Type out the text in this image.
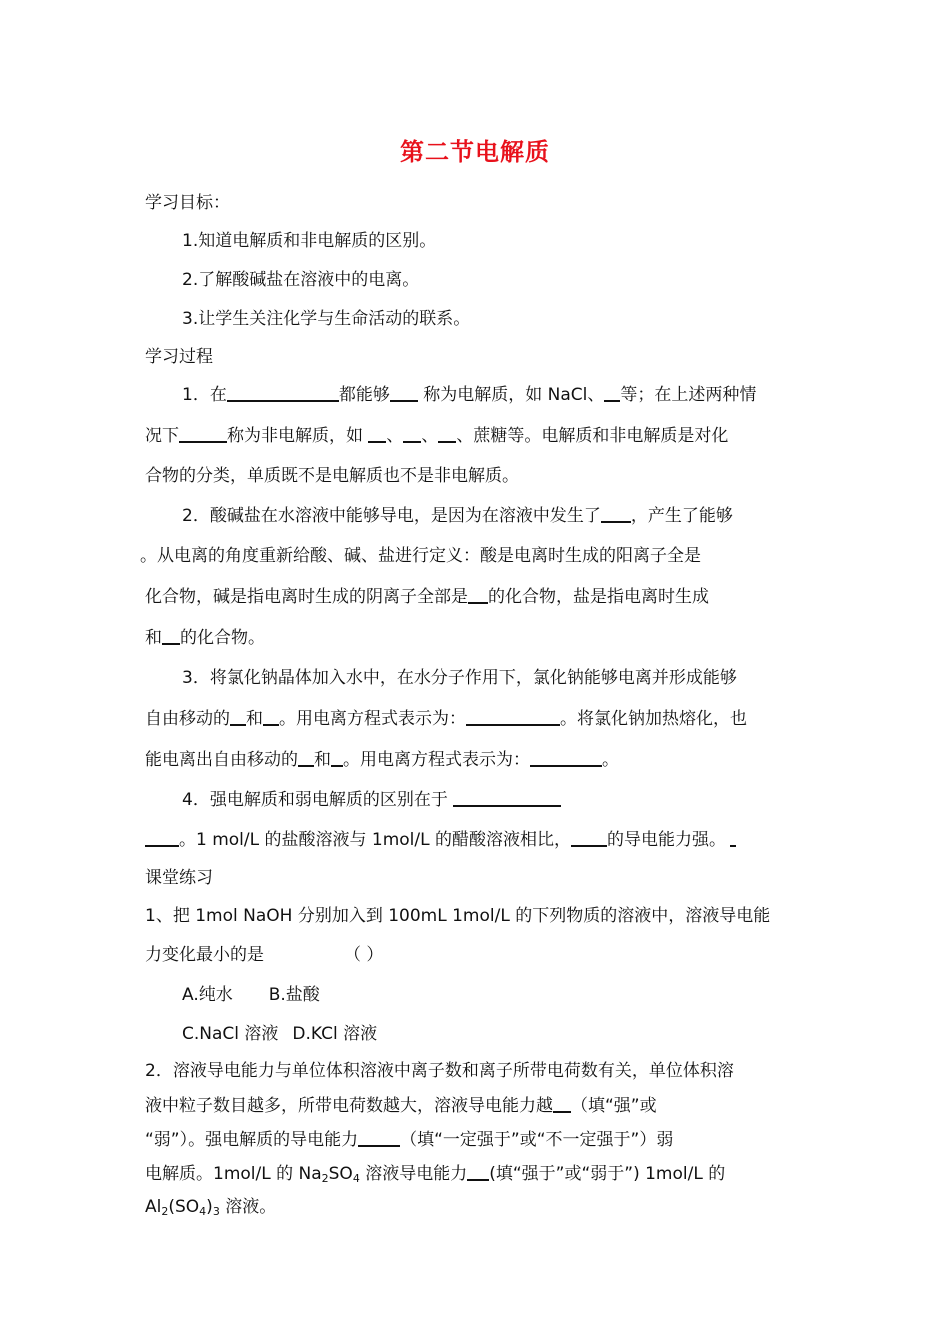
第二节电解质
学习目标：
1.知道电解质和非电解质的区别。
2.了解酸碱盐在溶液中的电离。
3.让学生关注化学与生命活动的联系。
学习过程
1．在	都能够 称为电解质，如 NaCl、 等；在上述两种情
况下	称为非电解质，如 、 、 、蔗糖等。电解质和非电解质是对化
合物的分类，单质既不是电解质也不是非电解质。
2．酸碱盐在水溶液中能够导电，是因为在溶液中发生了 ，产生了能够
。从电离的角度重新给酸、碱、盐进行定义：酸是电离时生成的阳离子全是
化合物，碱是指电离时生成的阴离子全部是 的化合物，盐是指电离时生成
和 的化合物。
3．将氯化钠晶体加入水中，在水分子作用下，氯化钠能够电离并形成能够
自由移动的 和 。用电离方程式表示为：	。将氯化钠加热熔化，也
能电离出自由移动的 和 。用电离方程式表示为：	。
4．强电解质和弱电解质的区别在于
。1 mol/L 的盐酸溶液与 1mol/L 的醋酸溶液相比， 的导电能力强。
课堂练习
1、把 1mol NaOH 分别加入到 100mL 1mol/L 的下列物质的溶液中，溶液导电能
力变化最小的是	（ ）
A.纯水 B.盐酸
C.NaCl 溶液 D.KCl 溶液
2．溶液导电能力与单位体积溶液中离子数和离子所带电荷数有关，单位体积溶
液中粒子数目越多，所带电荷数越大，溶液导电能力越 （填“强”或
“弱”）。强电解质的导电能力 （填“一定强于”或“不一定强于”）弱
电解质。1mol/L 的 $Na_2SO_4$ 溶液导电能力 (填“强于”或“弱于”) 1mol/L 的
$Al_2(SO_4)_3$ 溶液。
